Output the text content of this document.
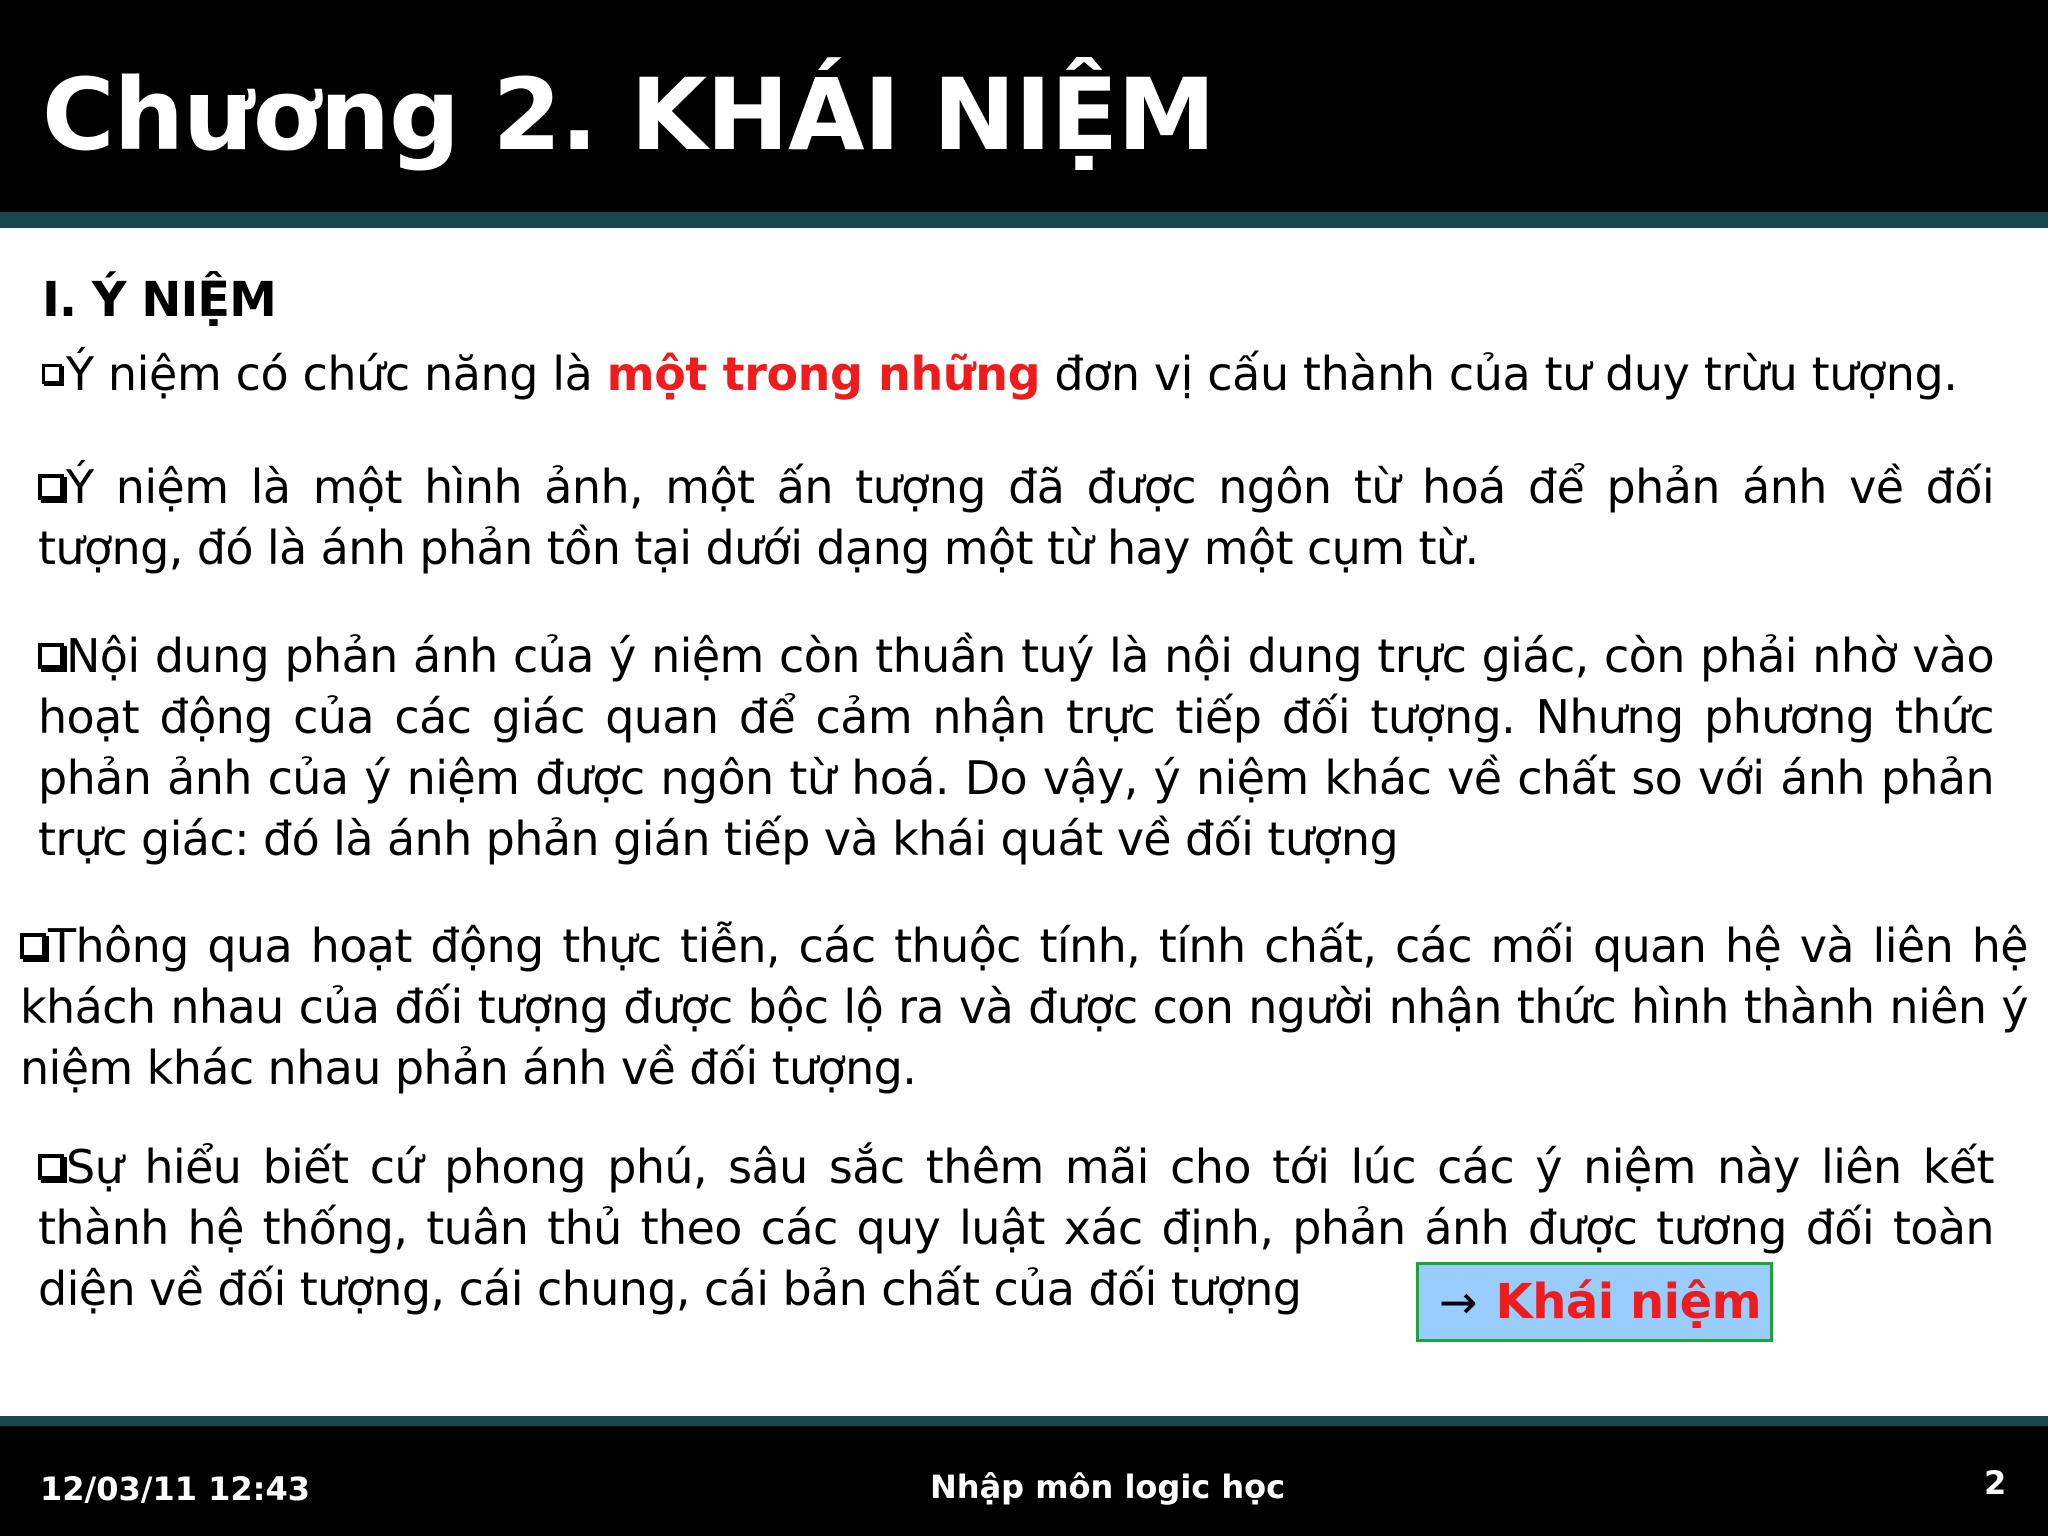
Chương 2. KHÁI NIỆM
I. Ý NIỆM
Ý niệm có chức năng là một trong những đơn vị cấu thành của tư duy trừu tượng.
Ý niệm là một hình ảnh, một ấn tượng đã được ngôn từ hoá để phản ánh về đối tượng, đó là ánh phản tồn tại dưới dạng một từ hay một cụm từ.
Nội dung phản ánh của ý niệm còn thuần tuý là nội dung trực giác, còn phải nhờ vào hoạt động của các giác quan để cảm nhận trực tiếp đối tượng. Nhưng phương thức phản ảnh của ý niệm được ngôn từ hoá. Do vậy, ý niệm khác về chất so với ánh phản trực giác: đó là ánh phản gián tiếp và khái quát về đối tượng
Thông qua hoạt động thực tiễn, các thuộc tính, tính chất, các mối quan hệ và liên hệ khách nhau của đối tượng được bộc lộ ra và được con người nhận thức hình thành niên ý niệm khác nhau phản ánh về đối tượng.
Sự hiểu biết cứ phong phú, sâu sắc thêm mãi cho tới lúc các ý niệm này liên kết thành hệ thống, tuân thủ theo các quy luật xác định, phản ánh được tương đối toàn diện về đối tượng, cái chung, cái bản chất của đối tượng	→ Khái niệm
12/03/11 12:43	Nhập môn logic học	2
